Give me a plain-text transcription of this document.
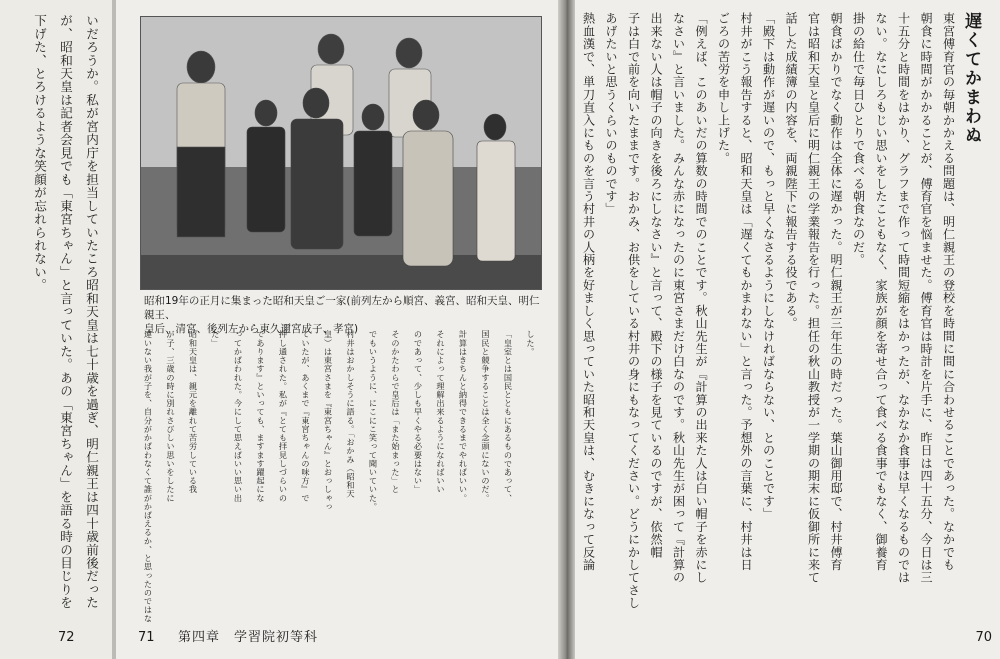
いだろうか。私が宮内庁を担当していたころ昭和天皇は七十歳を過ぎ、明仁親王は四十歳前後だった

が、昭和天皇は記者会見でも「東宮ちゃん」と言っていた。あの「東宮ちゃん」を語る時の目じりを

下げた、とろけるような笑顔が忘れられない。

72
昭和19年の正月に集まった昭和天皇ご一家(前列左から順宮、義宮、昭和天皇、明仁親王、
皇后、清宮、後列左から東久邇宮成子、孝宮)

した。

「皇室とは国民とともにあるものであって、

国民と競争することは全く念頭にないのだ。

計算はきちんと納得できるまでやればいい。

それによって理解出来るようになればいい

のであって、少しも早くやる必要はない」

そのかたわらで皇后は「また始まった」と

でもいうように、にこにこ笑って聞いていた。

村井はおかしそうに語る。「おかみ（昭和天

皇）は東宮さまを『東宮ちゃん』とおっしゃっ

ていたが、あくまで『東宮ちゃんの味方』で

押し通された。私が『とても拝見しづらいの

であります』といっても、ますます躍起にな

ってかばわれた。今にして思えばいい思い出

だ」

昭和天皇は、親元を離れて苦労している我

が子、三歳の時に別れさびしい思いをしたに

違いない我が子を、自分がかばわなくて誰がかばえるか、と思ったのではな

71 第四章　学習院初等科

遅くてかまわぬ

東宮傅育官の毎朝かかえる問題は、明仁親王の登校を時間に間に合わせることであった。なかでも

朝食に時間がかかることが、傅育官を悩ませた。傅育官は時計を片手に、昨日は四十五分、今日は三

十五分と時間をはかり、グラフまで作って時間短縮をはかったが、なかなか食事は早くなるものでは

ない。なにしろもじい思いをしたこともなく、家族が顔を寄せ合って食べる食事でもなく、御養育

掛の給仕で毎日ひとりで食べる朝食なのだ。

朝食ばかりでなく動作は全体に遅かった。明仁親王が三年生の時だった。葉山御用邸で、村井傅育

官は昭和天皇と皇后に明仁親王の学業報告を行った。担任の秋山教授が一学期の期末に仮御所に来て

話した成績簿の内容を、両親陛下に報告する役である。

「殿下は動作が遅いので、もっと早くなさるようにしなければならない、とのことです」

村井がこう報告すると、昭和天皇は「遅くてもかまわない」と言った。予想外の言葉に、村井は日

ごろの苦労を申し上げた。

「例えば、このあいだの算数の時間でのことです。秋山先生が『計算の出来た人は白い帽子を赤にし

なさい』と言いました。みんな赤になったのに東宮さまだけ白なのです。秋山先生が困って『計算の

出来ない人は帽子の向きを後ろにしなさい』と言って、殿下の様子を見ているのですが、依然帽

子は白で前を向いたままです。おかみ、お供をしている村井の身にもなってください。どうにかしてさし

あげたいと思うくらいのものです」

熱血漢で、単刀直入にものを言う村井の人柄を好ましく思っていた昭和天皇は、むきになって反論

70
